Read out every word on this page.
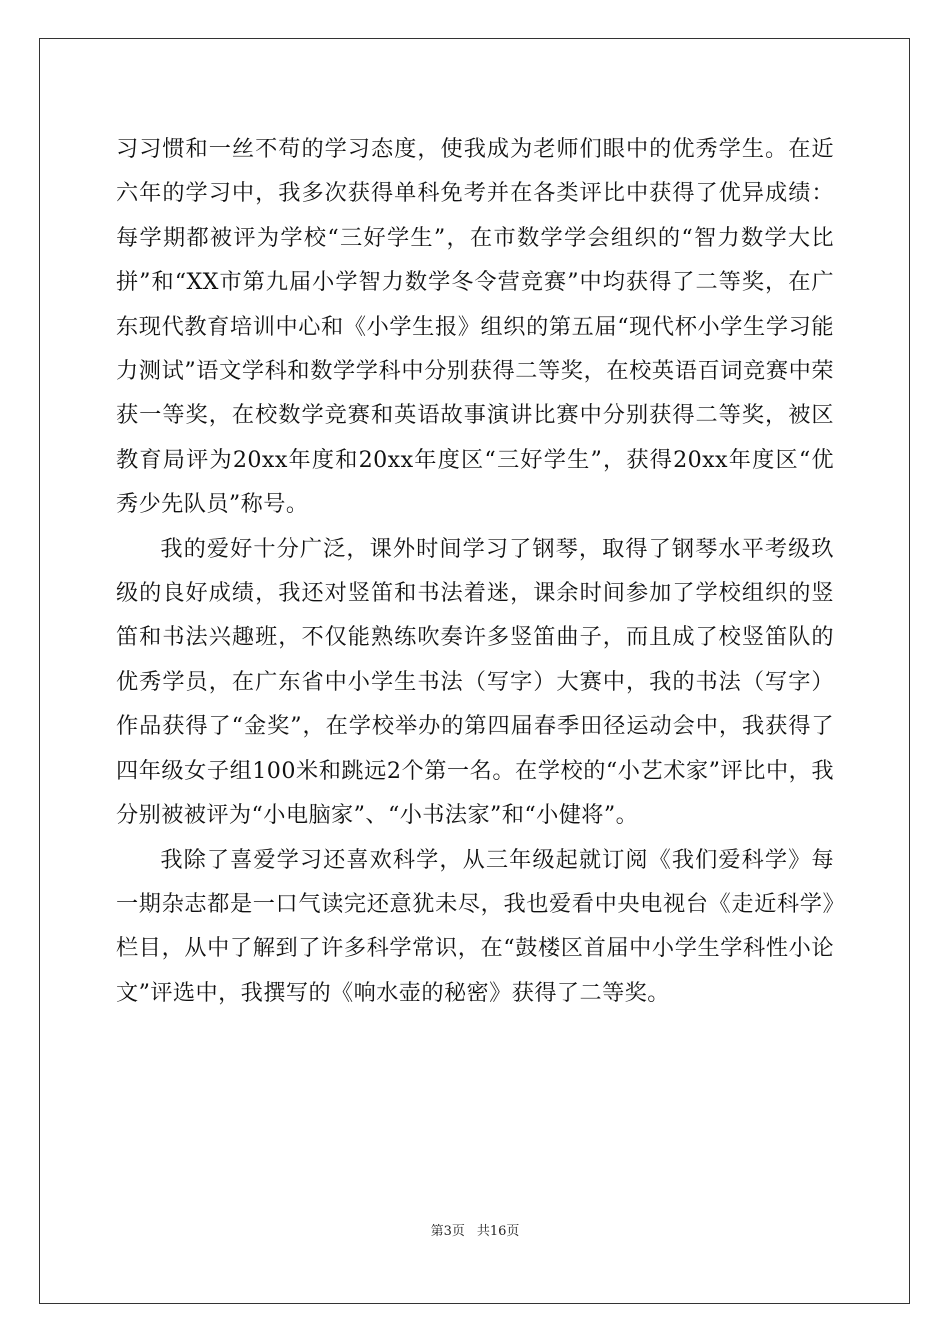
习习惯和一丝不苟的学习态度，使我成为老师们眼中的优秀学生。在近六年的学习中，我多次获得单科免考并在各类评比中获得了优异成绩：每学期都被评为学校“三好学生”，在市数学学会组织的“智力数学大比拼”和“XX市第九届小学智力数学冬令营竞赛”中均获得了二等奖，在广东现代教育培训中心和《小学生报》组织的第五届“现代杯小学生学习能力测试”语文学科和数学学科中分别获得二等奖，在校英语百词竞赛中荣获一等奖，在校数学竞赛和英语故事演讲比赛中分别获得二等奖，被区教育局评为20xx年度和20xx年度区“三好学生”，获得20xx年度区“优秀少先队员”称号。

我的爱好十分广泛，课外时间学习了钢琴，取得了钢琴水平考级玖级的良好成绩，我还对竖笛和书法着迷，课余时间参加了学校组织的竖笛和书法兴趣班，不仅能熟练吹奏许多竖笛曲子，而且成了校竖笛队的优秀学员，在广东省中小学生书法（写字）大赛中，我的书法（写字）作品获得了“金奖”，在学校举办的第四届春季田径运动会中，我获得了四年级女子组100米和跳远2个第一名。在学校的“小艺术家”评比中，我分别被被评为“小电脑家”、“小书法家”和“小健将”。

我除了喜爱学习还喜欢科学，从三年级起就订阅《我们爱科学》每一期杂志都是一口气读完还意犹未尽，我也爱看中央电视台《走近科学》栏目，从中了解到了许多科学常识，在“鼓楼区首届中小学生学科性小论文”评选中，我撰写的《响水壶的秘密》获得了二等奖。

第3页 共16页
